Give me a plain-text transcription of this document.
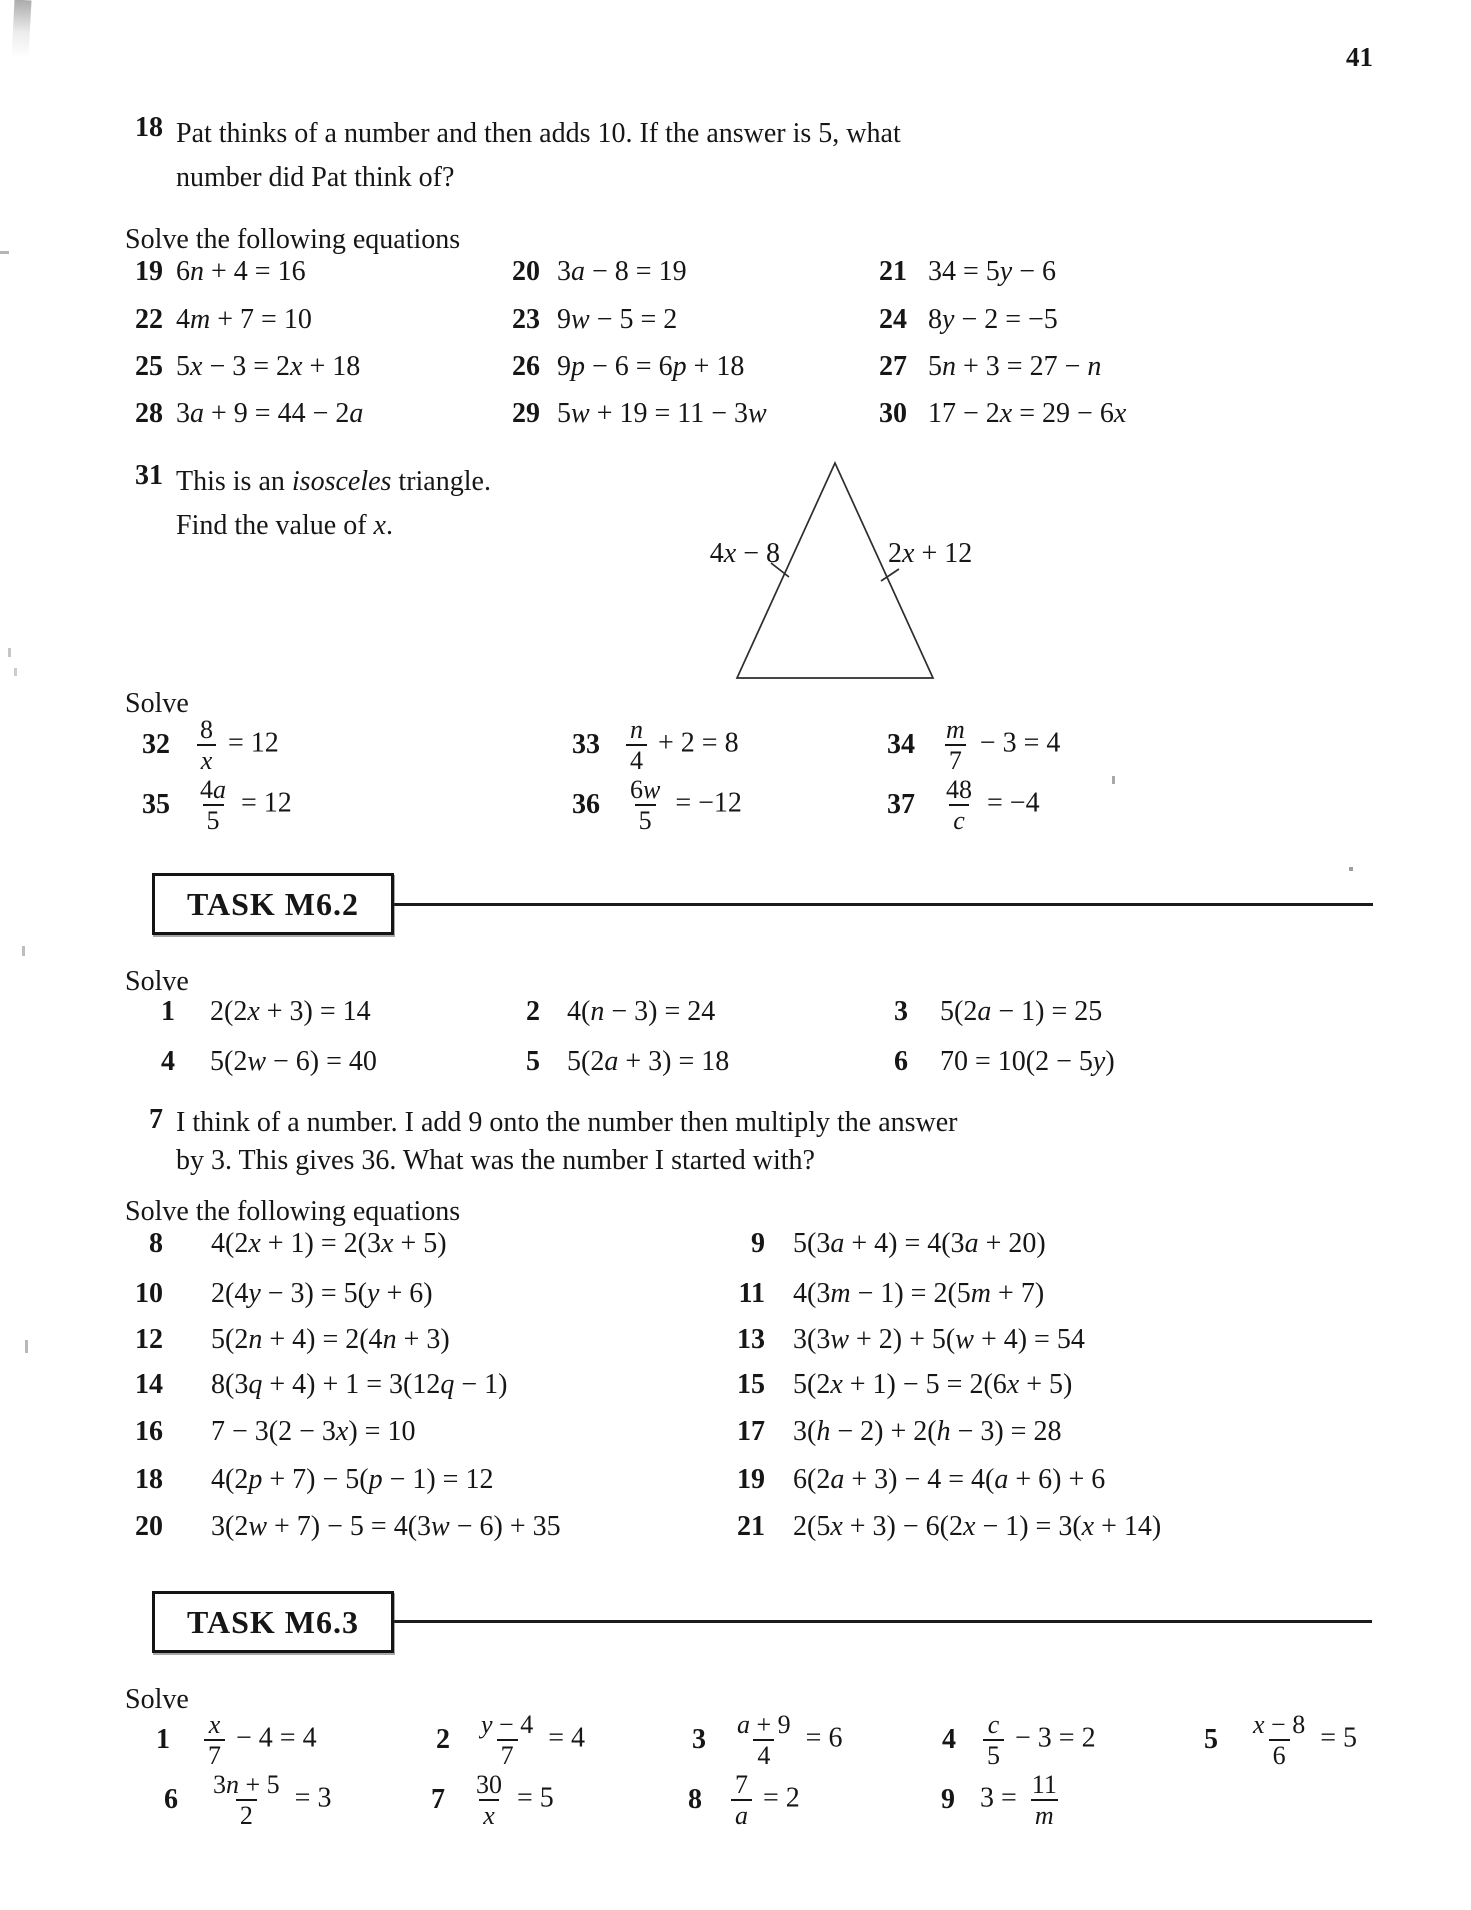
41
18 Pat thinks of a number and then adds 10. If the answer is 5, what
number did Pat think of?
Solve the following equations
19 6n + 4 = 16	20 3a − 8 = 19	21 34 = 5y − 6
22 4m + 7 = 10	23 9w − 5 = 2	24 8y − 2 = −5
25 5x − 3 = 2x + 18	26 9p − 6 = 6p + 18	27 5n + 3 = 27 − n
28 3a + 9 = 44 − 2a	29 5w + 19 = 11 − 3w	30 17 − 2x = 29 − 6x
31 This is an isosceles triangle.
Find the value of x.
4x − 8	2x + 12
Solve
$32 \frac{8}{x} = 12$	$33 \frac{n}{4} + 2 = 8$	$34 \frac{m}{7} - 3 = 4$
$35 \frac{4a}{5} = 12$	$36 \frac{6w}{5} = -12$	$37 \frac{48}{c} = -4$
TASK M6.2
Solve
1 2(2x + 3) = 14	2 4(n − 3) = 24	3 5(2a − 1) = 25
4 5(2w − 6) = 40	5 5(2a + 3) = 18	6 70 = 10(2 − 5y)
7 I think of a number. I add 9 onto the number then multiply the answer
by 3. This gives 36. What was the number I started with?
Solve the following equations
8 4(2x + 1) = 2(3x + 5)	9 5(3a + 4) = 4(3a + 20)
10 2(4y − 3) = 5(y + 6)	11 4(3m − 1) = 2(5m + 7)
12 5(2n + 4) = 2(4n + 3)	13 3(3w + 2) + 5(w + 4) = 54
14 8(3q + 4) + 1 = 3(12q − 1)	15 5(2x + 1) − 5 = 2(6x + 5)
16 7 − 3(2 − 3x) = 10	17 3(h − 2) + 2(h − 3) = 28
18 4(2p + 7) − 5(p − 1) = 12	19 6(2a + 3) − 4 = 4(a + 6) + 6
20 3(2w + 7) − 5 = 4(3w − 6) + 35	21 2(5x + 3) − 6(2x − 1) = 3(x + 14)
TASK M6.3
Solve
$1 \frac{x}{7} - 4 = 4$	$2 \frac{y - 4}{7} = 4$	$3 \frac{a + 9}{4} = 6$	$4 \frac{c}{5} - 3 = 2$	$5 \frac{x - 8}{6} = 5$
$6 \frac{3n + 5}{2} = 3$	$7 \frac{30}{x} = 5$	$8 \frac{7}{a} = 2$	9 $3 = \frac{11}{m}$
